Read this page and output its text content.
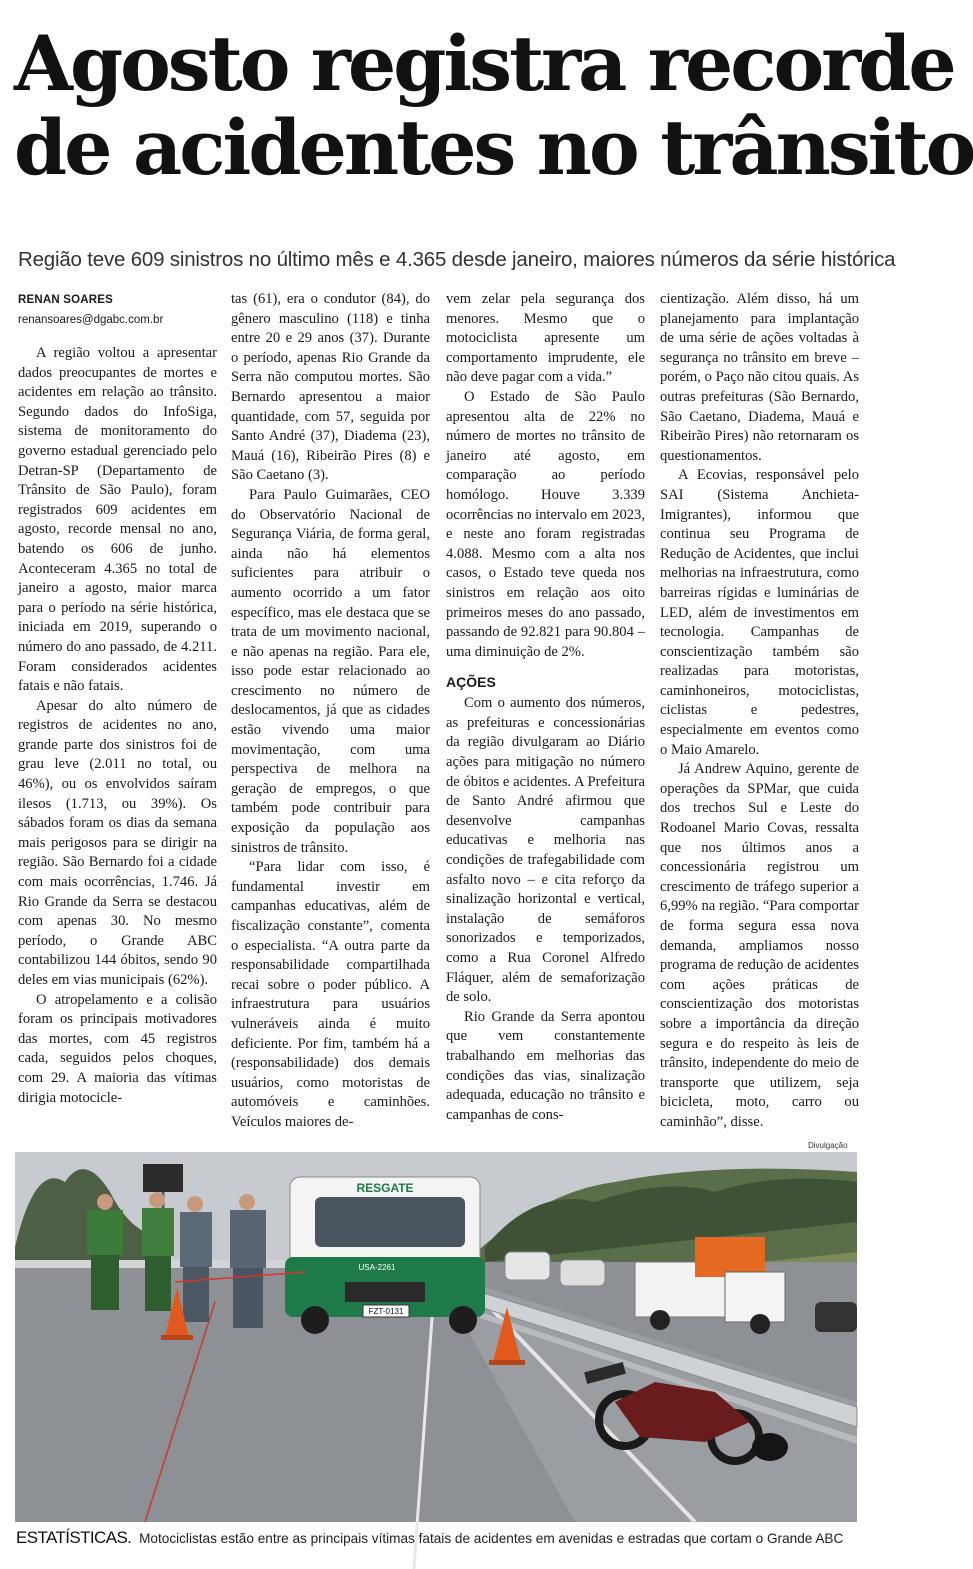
Agosto registra recorde
de acidentes no trânsito
Região teve 609 sinistros no último mês e 4.365 desde janeiro, maiores números da série histórica
RENAN SOARES
renansoares@dgabc.com.br

A região voltou a apresentar dados preocupantes de mortes e acidentes em relação ao trânsito. Segundo dados do InfoSiga, sistema de monitoramento do governo estadual gerenciado pelo Detran-SP (Departamento de Trânsito de São Paulo), foram registrados 609 acidentes em agosto, recorde mensal no ano, batendo os 606 de junho. Aconteceram 4.365 no total de janeiro a agosto, maior marca para o período na série histórica, iniciada em 2019, superando o número do ano passado, de 4.211. Foram considerados acidentes fatais e não fatais.

Apesar do alto número de registros de acidentes no ano, grande parte dos sinistros foi de grau leve (2.011 no total, ou 46%), ou os envolvidos saíram ilesos (1.713, ou 39%). Os sábados foram os dias da semana mais perigosos para se dirigir na região. São Bernardo foi a cidade com mais ocorrências, 1.746. Já Rio Grande da Serra se destacou com apenas 30. No mesmo período, o Grande ABC contabilizou 144 óbitos, sendo 90 deles em vias municipais (62%).

O atropelamento e a colisão foram os principais motivadores das mortes, com 45 registros cada, seguidos pelos choques, com 29. A maioria das vítimas dirigia motocicle-

tas (61), era o condutor (84), do gênero masculino (118) e tinha entre 20 e 29 anos (37). Durante o período, apenas Rio Grande da Serra não computou mortes. São Bernardo apresentou a maior quantidade, com 57, seguida por Santo André (37), Diadema (23), Mauá (16), Ribeirão Pires (8) e São Caetano (3).

Para Paulo Guimarães, CEO do Observatório Nacional de Segurança Viária, de forma geral, ainda não há elementos suficientes para atribuir o aumento ocorrido a um fator específico, mas ele destaca que se trata de um movimento nacional, e não apenas na região. Para ele, isso pode estar relacionado ao crescimento no número de deslocamentos, já que as cidades estão vivendo uma maior movimentação, com uma perspectiva de melhora na geração de empregos, o que também pode contribuir para exposição da população aos sinistros de trânsito.

“Para lidar com isso, é fundamental investir em campanhas educativas, além de fiscalização constante”, comenta o especialista. “A outra parte da responsabilidade compartilhada recai sobre o poder público. A infraestrutura para usuários vulneráveis ainda é muito deficiente. Por fim, também há a (responsabilidade) dos demais usuários, como motoristas de automóveis e caminhões. Veículos maiores de-

vem zelar pela segurança dos menores. Mesmo que o motociclista apresente um comportamento imprudente, ele não deve pagar com a vida.”

O Estado de São Paulo apresentou alta de 22% no número de mortes no trânsito de janeiro até agosto, em comparação ao período homólogo. Houve 3.339 ocorrências no intervalo em 2023, e neste ano foram registradas 4.088. Mesmo com a alta nos casos, o Estado teve queda nos sinistros em relação aos oito primeiros meses do ano passado, passando de 92.821 para 90.804 – uma diminuição de 2%.

AÇÕES

Com o aumento dos números, as prefeituras e concessionárias da região divulgaram ao Diário ações para mitigação no número de óbitos e acidentes. A Prefeitura de Santo André afirmou que desenvolve campanhas educativas e melhoria nas condições de trafegabilidade com asfalto novo – e cita reforço da sinalização horizontal e vertical, instalação de semáforos sonorizados e temporizados, como a Rua Coronel Alfredo Fláquer, além de semaforização de solo.

Rio Grande da Serra apontou que vem constantemente trabalhando em melhorias das condições das vias, sinalização adequada, educação no trânsito e campanhas de cons-

cientização. Além disso, há um planejamento para implantação de uma série de ações voltadas à segurança no trânsito em breve – porém, o Paço não citou quais. As outras prefeituras (São Bernardo, São Caetano, Diadema, Mauá e Ribeirão Pires) não retornaram os questionamentos.

A Ecovias, responsável pelo SAI (Sistema Anchieta-Imigrantes), informou que continua seu Programa de Redução de Acidentes, que inclui melhorias na infraestrutura, como barreiras rígidas e luminárias de LED, além de investimentos em tecnologia. Campanhas de conscientização também são realizadas para motoristas, caminhoneiros, motociclistas, ciclistas e pedestres, especialmente em eventos como o Maio Amarelo.

Já Andrew Aquino, gerente de operações da SPMar, que cuida dos trechos Sul e Leste do Rodoanel Mario Covas, ressalta que nos últimos anos a concessionária registrou um crescimento de tráfego superior a 6,99% na região. “Para comportar de forma segura essa nova demanda, ampliamos nosso programa de redução de acidentes com ações práticas de conscientização dos motoristas sobre a importância da direção segura e do respeito às leis de trânsito, independente do meio de transporte que utilizem, seja bicicleta, moto, carro ou caminhão”, disse.

Divulgação
RESGATE
USA-2261
FZT-0131
ESTATÍSTICAS. Motociclistas estão entre as principais vítimas fatais de acidentes em avenidas e estradas que cortam o Grande ABC
